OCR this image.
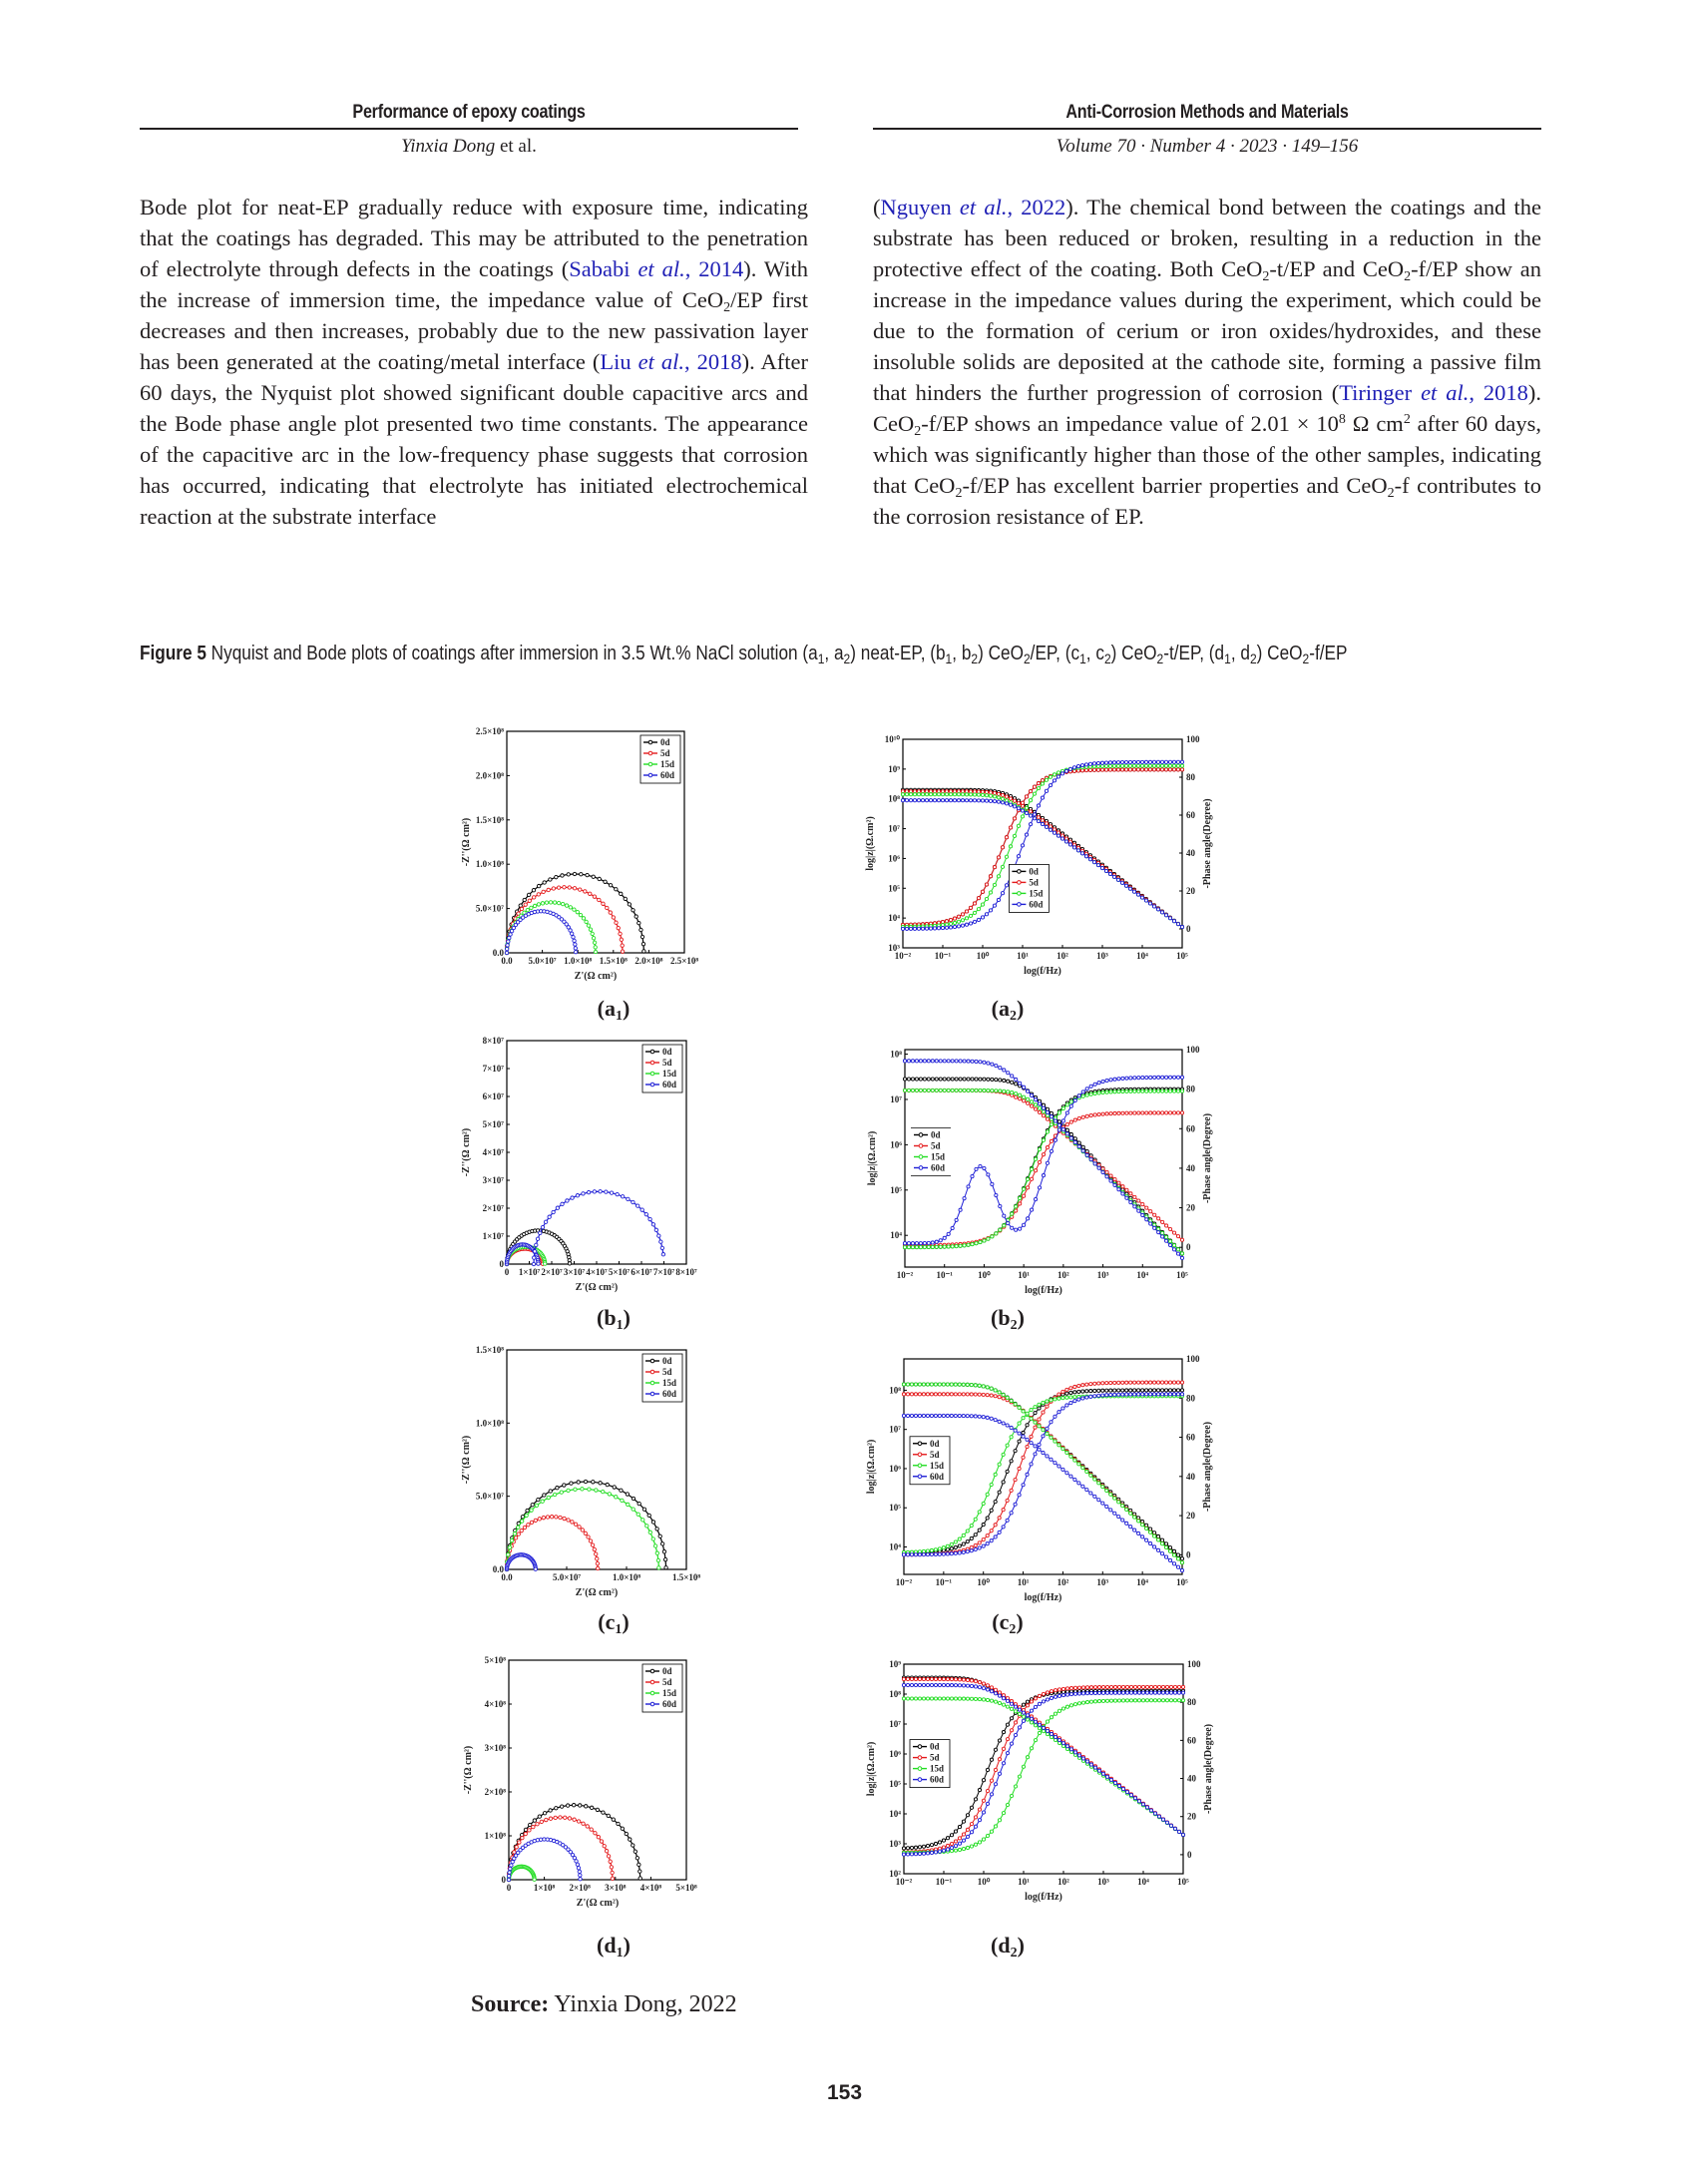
Performance of epoxy coatings
Yinxia Dong et al.
Anti-Corrosion Methods and Materials
Volume 70 · Number 4 · 2023 · 149–156

Bode plot for neat-EP gradually reduce with exposure time, indicating that the coatings has degraded. This may be attributed to the penetration of electrolyte through defects in the coatings (Sababi et al., 2014). With the increase of immersion time, the impedance value of CeO$_2$/EP first decreases and then increases, probably due to the new passivation layer has been generated at the coating/metal interface (Liu et al., 2018). After 60 days, the Nyquist plot showed significant double capacitive arcs and the Bode phase angle plot presented two time constants. The appearance of the capacitive arc in the low-frequency phase suggests that corrosion has occurred, indicating that electrolyte has initiated electrochemical reaction at the substrate interface

(Nguyen et al., 2022). The chemical bond between the coatings and the substrate has been reduced or broken, resulting in a reduction in the protective effect of the coating. Both CeO$_2$-t/EP and CeO$_2$-f/EP show an increase in the impedance values during the experiment, which could be due to the formation of cerium or iron oxides/hydroxides, and these insoluble solids are deposited at the cathode site, forming a passive film that hinders the further progression of corrosion (Tiringer et al., 2018). CeO$_2$-f/EP shows an impedance value of $2.01 \times 10^8$ Ω $cm^2$ after 60 days, which was significantly higher than those of the other samples, indicating that CeO$_2$-f/EP has excellent barrier properties and CeO$_2$-f contributes to the corrosion resistance of EP.

Figure 5 Nyquist and Bode plots of coatings after immersion in 3.5 Wt.% NaCl solution ($a_1$, $a_2$) neat-EP, ($b_1$, $b_2$) CeO$_2$/EP, ($c_1$, $c_2$) CeO$_2$-t/EP, ($d_1$, $d_2$) CeO$_2$-f/EP
0.0 5.0×10⁷ 1.0×10⁸ 1.5×10⁸ 2.0×10⁸ 2.5×10⁸
0.0
5.0×10⁷
1.0×10⁸
1.5×10⁸
2.0×10⁸
2.5×10⁸
Z'(Ω cm²)
-Z''(Ω cm²)
0d
5d
15d
60d
$(a_1)$
10⁻²	10⁻¹	10⁰	10¹	10²	10³	10⁴	10⁵
10³
10⁴
10⁵
10⁶
10⁷
10⁸
10⁹
10¹⁰
0
20
40
60
80
100
log(f/Hz)
log|z|(Ω.cm²)	-Phase angle(Degree)
0d
5d
15d
60d
$(a_2)$
0 1×10⁷ 2×10⁷ 3×10⁷ 4×10⁷ 5×10⁷ 6×10⁷ 7×10⁷ 8×10⁷
0
1×10⁷
2×10⁷
3×10⁷
4×10⁷
5×10⁷
6×10⁷
7×10⁷
8×10⁷
Z'(Ω cm²)
-Z''(Ω cm²)
0d
5d
15d
60d
$(b_1)$
10⁻²	10⁻¹	10⁰	10¹	10²	10³	10⁴	10⁵
10⁴
10⁵
10⁶
10⁷
10⁸
0
20
40
60
80
100
log(f/Hz)
log|z|(Ω.cm²)	-Phase angle(Degree)
0d
5d
15d
60d
$(b_2)$
0.0	5.0×10⁷	1.0×10⁸	1.5×10⁸
0.0
5.0×10⁷
1.0×10⁸
1.5×10⁸
Z'(Ω cm²)
-Z''(Ω cm²)
0d
5d
15d
60d
$(c_1)$
10⁻²	10⁻¹	10⁰	10¹	10²	10³	10⁴	10⁵
10⁴
10⁵
10⁶
10⁷
10⁸
0
20
40
60
80
100
log(f/Hz)
log|z|(Ω.cm²)	-Phase angle(Degree)
0d
5d
15d
60d
$(c_2)$
0	1×10⁸ 2×10⁸ 3×10⁸ 4×10⁸ 5×10⁸
0
1×10⁸
2×10⁸
3×10⁸
4×10⁸
5×10⁸
Z'(Ω cm²)
-Z''(Ω cm²)
0d
5d
15d
60d
$(d_1)$
10⁻²	10⁻¹	10⁰	10¹	10²	10³	10⁴	10⁵
10²
10³
10⁴
10⁵
10⁶
10⁷
10⁸
10⁹
0
20
40
60
80
100
log(f/Hz)
log|z|(Ω.cm²)	-Phase angle(Degree)
0d
5d
15d
60d
$(d_2)$
Source: Yinxia Dong, 2022
153
